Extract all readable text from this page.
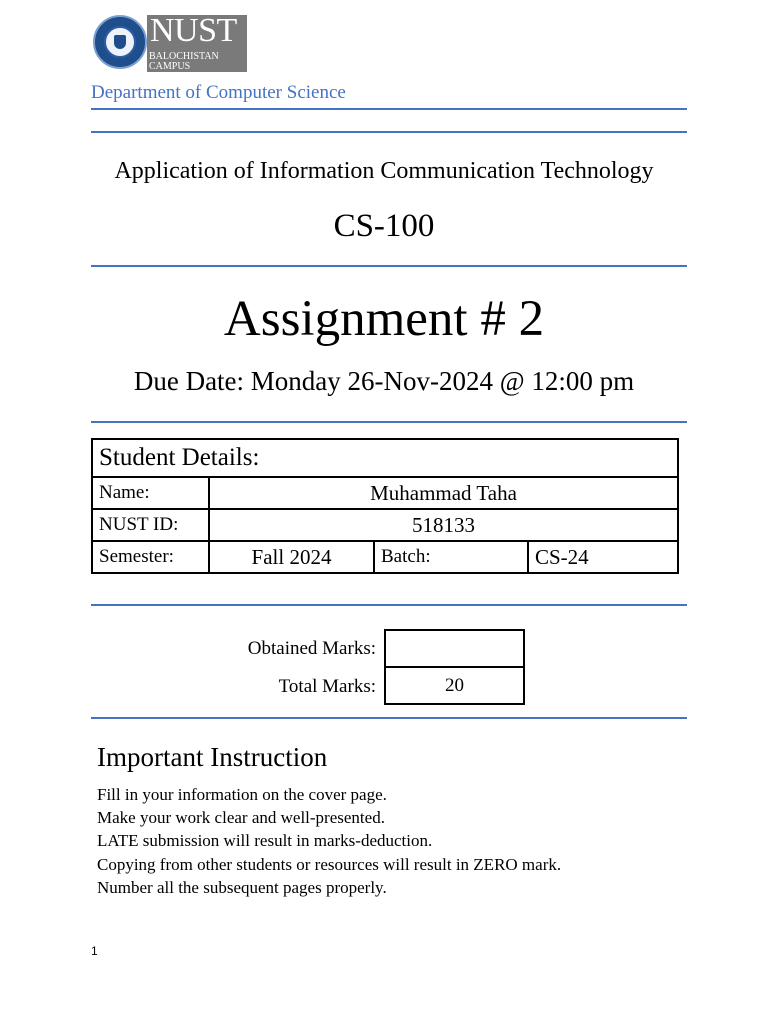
NUST
BALOCHISTAN
CAMPUS
Department of Computer Science
Application of Information Communication Technology
CS-100
Assignment # 2
Due Date: Monday 26-Nov-2024 @ 12:00 pm
Student Details:			
Name:	Muhammad Taha		
NUST ID:	518133		
Semester:	Fall 2024	Batch:	CS-24
Obtained Marks:
Total Marks:	20
Important Instruction
Fill in your information on the cover page.
Make your work clear and well-presented.
LATE submission will result in marks-deduction.
Copying from other students or resources will result in ZERO mark.
Number all the subsequent pages properly.
1
